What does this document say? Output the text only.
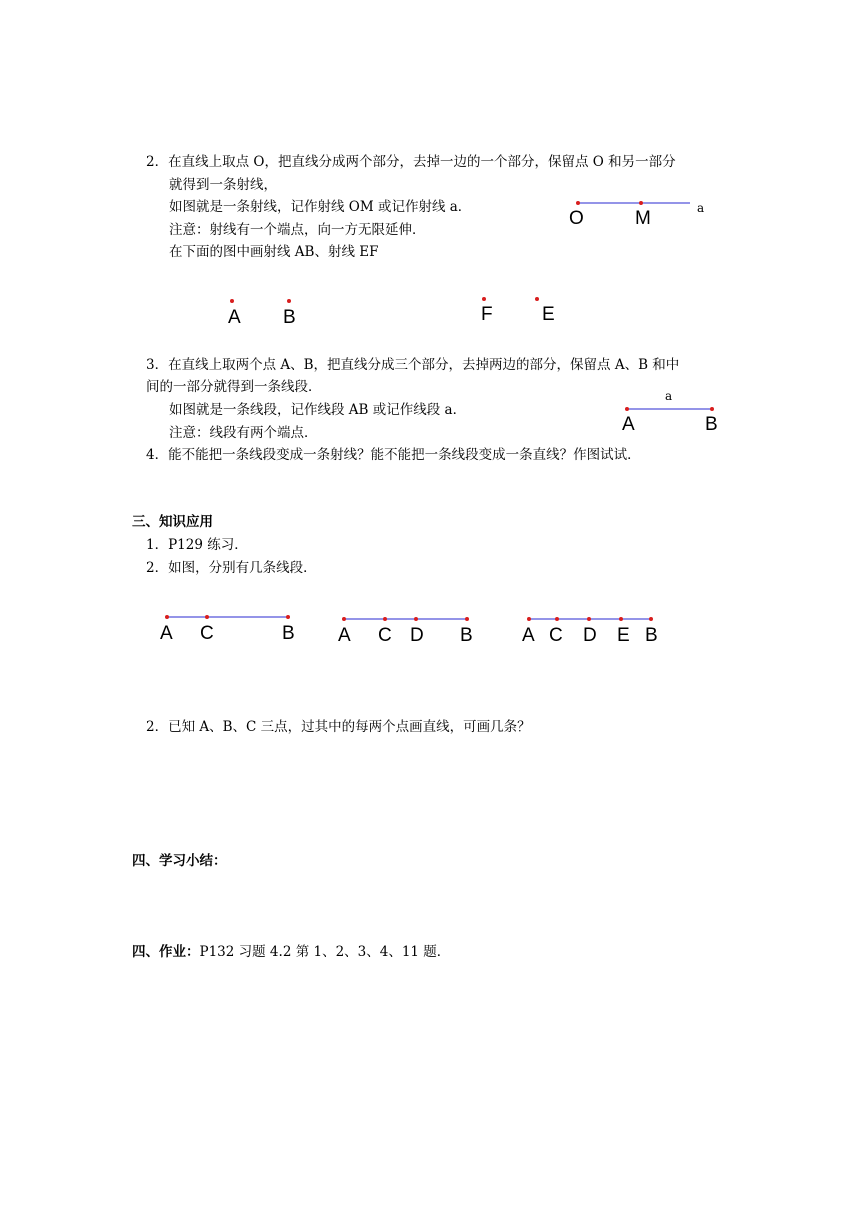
2．在直线上取点 O，把直线分成两个部分，去掉一边的一个部分，保留点 O 和另一部分
就得到一条射线，
如图就是一条射线，记作射线 OM 或记作射线 a．
注意：射线有一个端点，向一方无限延伸．
在下面的图中画射线 AB、射线 EF
O	M	a
A B	F	E
3．在直线上取两个点 A、B，把直线分成三个部分，去掉两边的部分，保留点 A、B 和中
间的一部分就得到一条线段．
如图就是一条线段，记作线段 AB 或记作线段 a．
注意：线段有两个端点．
a
A	B
4．能不能把一条线段变成一条射线？能不能把一条线段变成一条直线？作图试试．
三、知识应用
1．P129 练习．
2．如图，分别有几条线段．
A C	B A C D B	A C D E B
2．已知 A、B、C 三点，过其中的每两个点画直线，可画几条？
四、学习小结：
四、作业：P132 习题 4.2 第 1、2、3、4、11 题．
